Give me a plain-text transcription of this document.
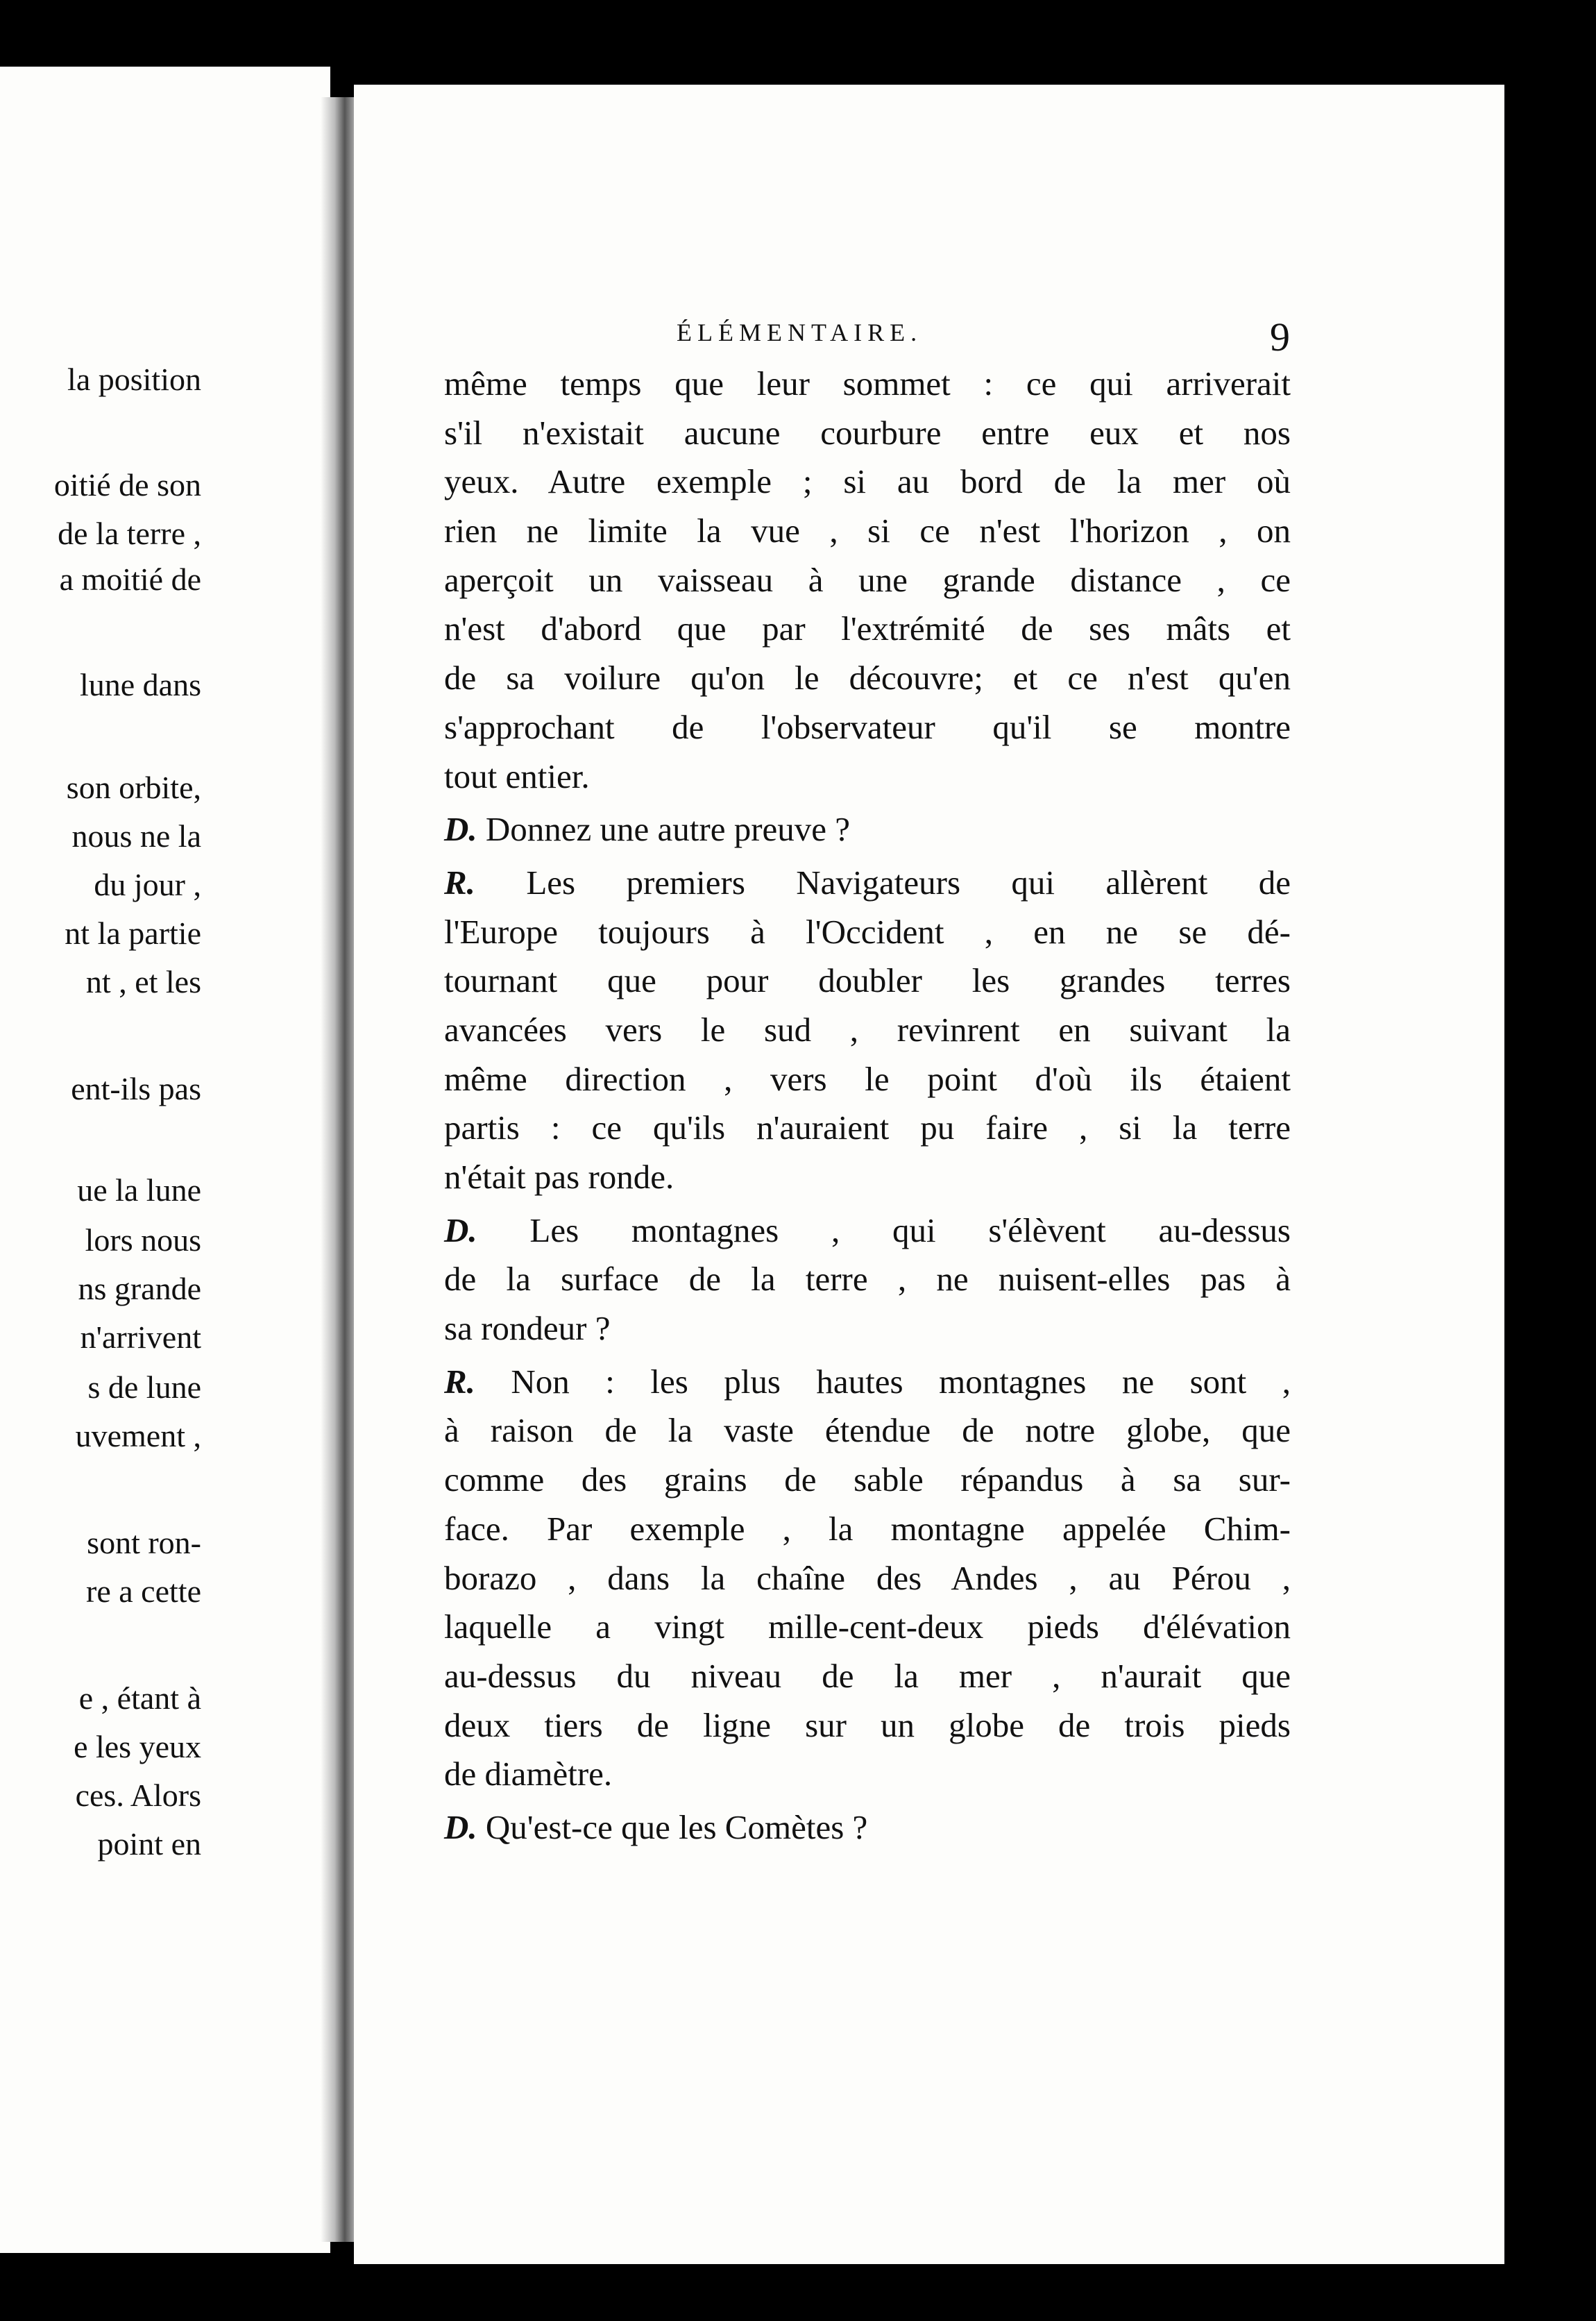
la position
oitié de son
de la terre ,
a moitié de
lune dans
son orbite,
nous ne la
du jour ,
nt la partie
nt , et les
ent-ils pas
ue la lune
lors nous
ns grande
n'arrivent
s de lune
uvement ,
sont ron-
re a cette
e , étant à
e les yeux
ces. Alors
point en
ÉLÉMENTAIRE.	9
même temps que leur sommet : ce qui arriverait
s'il n'existait aucune courbure entre eux et nos
yeux. Autre exemple ; si au bord de la mer où
rien ne limite la vue , si ce n'est l'horizon , on
aperçoit un vaisseau à une grande distance , ce
n'est d'abord que par l'extrémité de ses mâts et
de sa voilure qu'on le découvre; et ce n'est qu'en
s'approchant de l'observateur qu'il se montre
tout entier.
D. Donnez une autre preuve ?
R. Les premiers Navigateurs qui allèrent de
l'Europe toujours à l'Occident , en ne se dé-
tournant que pour doubler les grandes terres
avancées vers le sud , revinrent en suivant la
même direction , vers le point d'où ils étaient
partis : ce qu'ils n'auraient pu faire , si la terre
n'était pas ronde.
D. Les montagnes , qui s'élèvent au-dessus
de la surface de la terre , ne nuisent-elles pas à
sa rondeur ?
R. Non : les plus hautes montagnes ne sont ,
à raison de la vaste étendue de notre globe, que
comme des grains de sable répandus à sa sur-
face. Par exemple , la montagne appelée Chim-
borazo , dans la chaîne des Andes , au Pérou ,
laquelle a vingt mille-cent-deux pieds d'élévation
au-dessus du niveau de la mer , n'aurait que
deux tiers de ligne sur un globe de trois pieds
de diamètre.
D. Qu'est-ce que les Comètes ?
